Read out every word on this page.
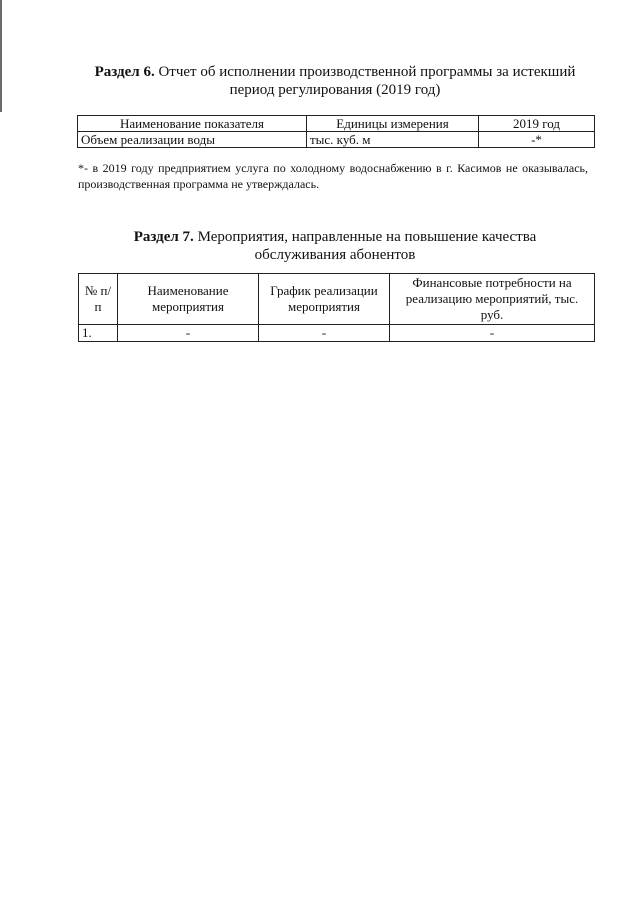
Раздел 6. Отчет об исполнении производственной программы за истекший
период регулирования (2019 год)
Наименование показателя	Единицы измерения	2019 год
Объем реализации воды	тыс. куб. м	-*
*- в 2019 году предприятием услуга по холодному водоснабжению в г. Касимов не оказывалась, производственная программа не утверждалась.
Раздел 7. Мероприятия, направленные на повышение качества
обслуживания абонентов
№ п/п	Наименование мероприятия	График реализации мероприятия	Финансовые потребности на реализацию мероприятий, тыс. руб.
1.	-	-	-
